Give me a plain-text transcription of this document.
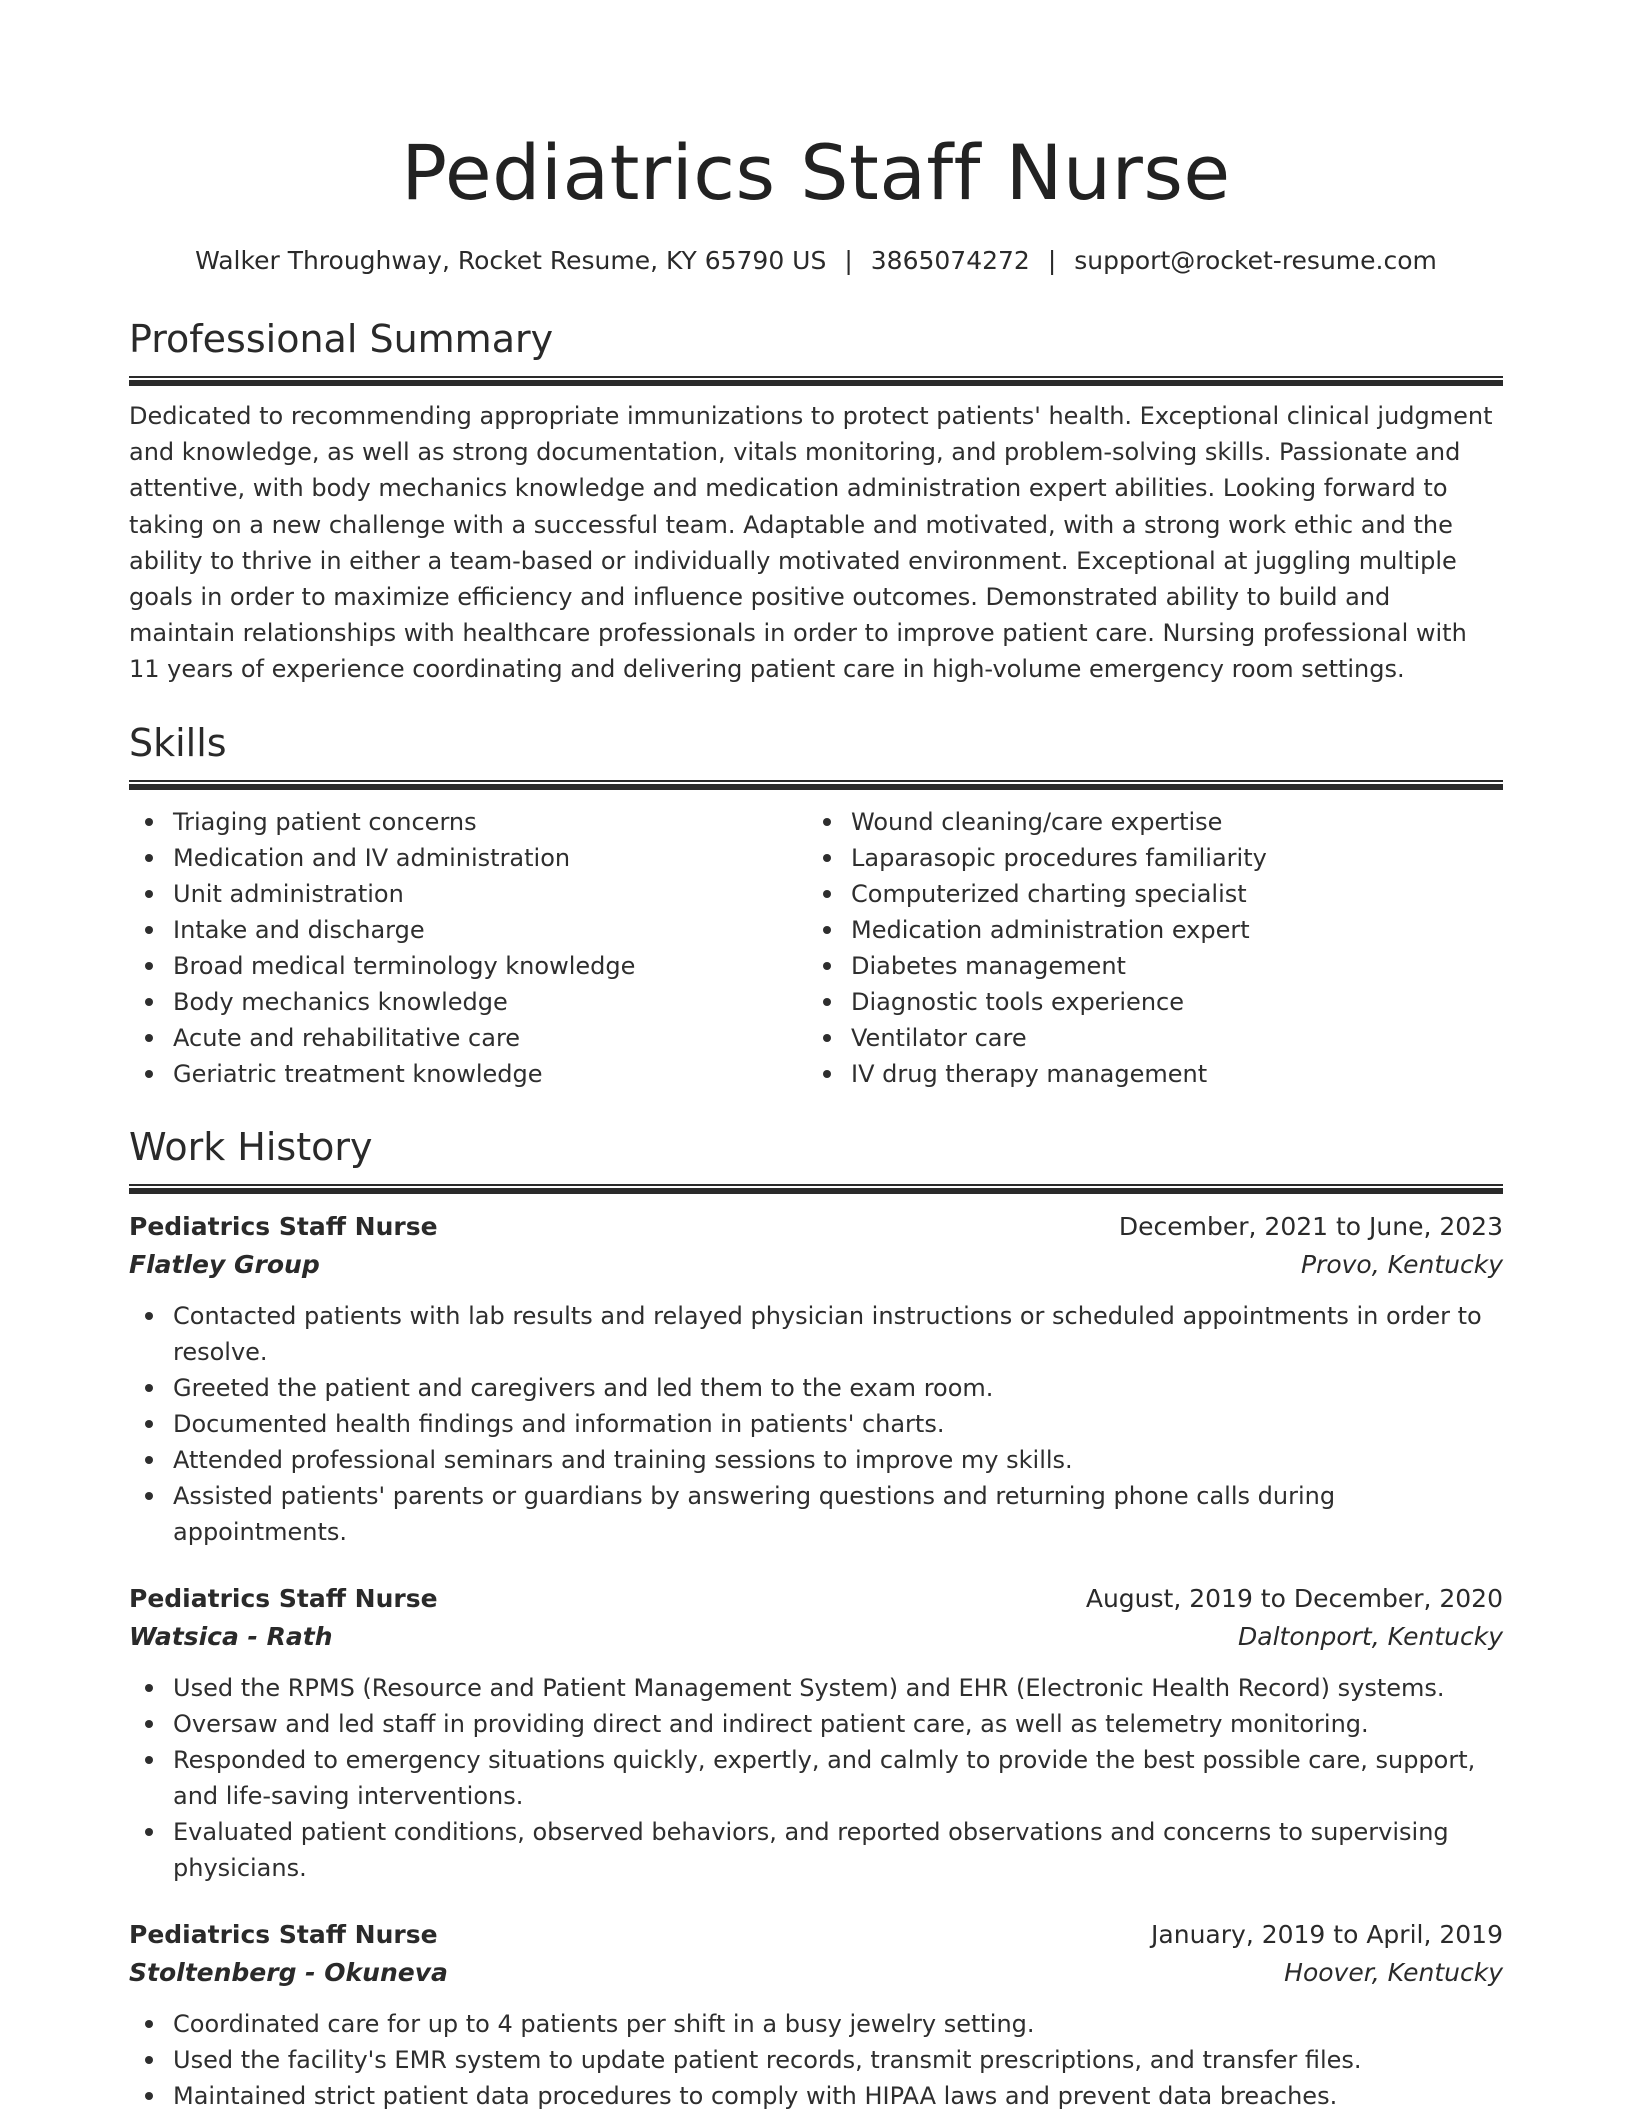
Pediatrics Staff Nurse
Walker Throughway, Rocket Resume, KY 65790 US | 3865074272 | support@rocket-resume.com
Professional Summary
Dedicated to recommending appropriate immunizations to protect patients' health. Exceptional clinical judgment and knowledge, as well as strong documentation, vitals monitoring, and problem-solving skills. Passionate and attentive, with body mechanics knowledge and medication administration expert abilities. Looking forward to taking on a new challenge with a successful team. Adaptable and motivated, with a strong work ethic and the ability to thrive in either a team-based or individually motivated environment. Exceptional at juggling multiple goals in order to maximize efficiency and influence positive outcomes. Demonstrated ability to build and maintain relationships with healthcare professionals in order to improve patient care. Nursing professional with 11 years of experience coordinating and delivering patient care in high-volume emergency room settings.
Skills
Triaging patient concerns
Medication and IV administration
Unit administration
Intake and discharge
Broad medical terminology knowledge
Body mechanics knowledge
Acute and rehabilitative care
Geriatric treatment knowledge
Wound cleaning/care expertise
Laparasopic procedures familiarity
Computerized charting specialist
Medication administration expert
Diabetes management
Diagnostic tools experience
Ventilator care
IV drug therapy management
Work History
Pediatrics Staff Nurse	December, 2021 to June, 2023
Flatley Group	Provo, Kentucky
Contacted patients with lab results and relayed physician instructions or scheduled appointments in order to resolve.
Greeted the patient and caregivers and led them to the exam room.
Documented health findings and information in patients' charts.
Attended professional seminars and training sessions to improve my skills.
Assisted patients' parents or guardians by answering questions and returning phone calls during appointments.
Pediatrics Staff Nurse	August, 2019 to December, 2020
Watsica - Rath	Daltonport, Kentucky
Used the RPMS (Resource and Patient Management System) and EHR (Electronic Health Record) systems.
Oversaw and led staff in providing direct and indirect patient care, as well as telemetry monitoring.
Responded to emergency situations quickly, expertly, and calmly to provide the best possible care, support, and life-saving interventions.
Evaluated patient conditions, observed behaviors, and reported observations and concerns to supervising physicians.
Pediatrics Staff Nurse	January, 2019 to April, 2019
Stoltenberg - Okuneva	Hoover, Kentucky
Coordinated care for up to 4 patients per shift in a busy jewelry setting.
Used the facility's EMR system to update patient records, transmit prescriptions, and transfer files.
Maintained strict patient data procedures to comply with HIPAA laws and prevent data breaches.
